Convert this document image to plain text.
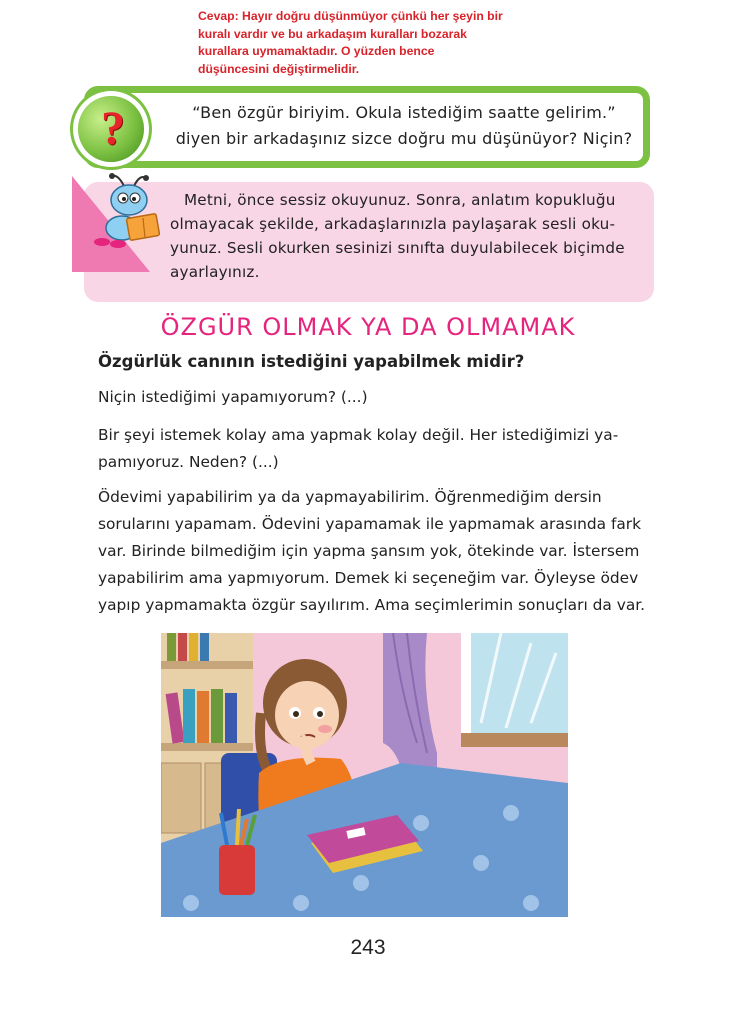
Cevap: Hayır doğru düşünmüyor çünkü her şeyin bir
kuralı vardır ve bu arkadaşım kuralları bozarak
kurallara uymamaktadır. O yüzden bence
düşüncesini değiştirmelidir.
?	“Ben özgür biriyim. Okula istediğim saatte gelirim.”
diyen bir arkadaşınız sizce doğru mu düşünüyor? Niçin?
Metni, önce sessiz okuyunuz. Sonra, anlatım kopukluğu
olmayacak şekilde, arkadaşlarınızla paylaşarak sesli oku-
yunuz. Sesli okurken sesinizi sınıfta duyulabilecek biçimde
ayarlayınız.
ÖZGÜR OLMAK YA DA OLMAMAK
Özgürlük canının istediğini yapabilmek midir?
Niçin istediğimi yapamıyorum? (...)
Bir şeyi istemek kolay ama yapmak kolay değil. Her istediğimizi ya-
pamıyoruz. Neden? (...)
Ödevimi yapabilirim ya da yapmayabilirim. Öğrenmediğim dersin
sorularını yapamam. Ödevini yapamamak ile yapmamak arasında fark
var. Birinde bilmediğim için yapma şansım yok, ötekinde var. İstersem
yapabilirim ama yapmıyorum. Demek ki seçeneğim var. Öyleyse ödev
yapıp yapmamakta özgür sayılırım. Ama seçimlerimin sonuçları da var.
243
